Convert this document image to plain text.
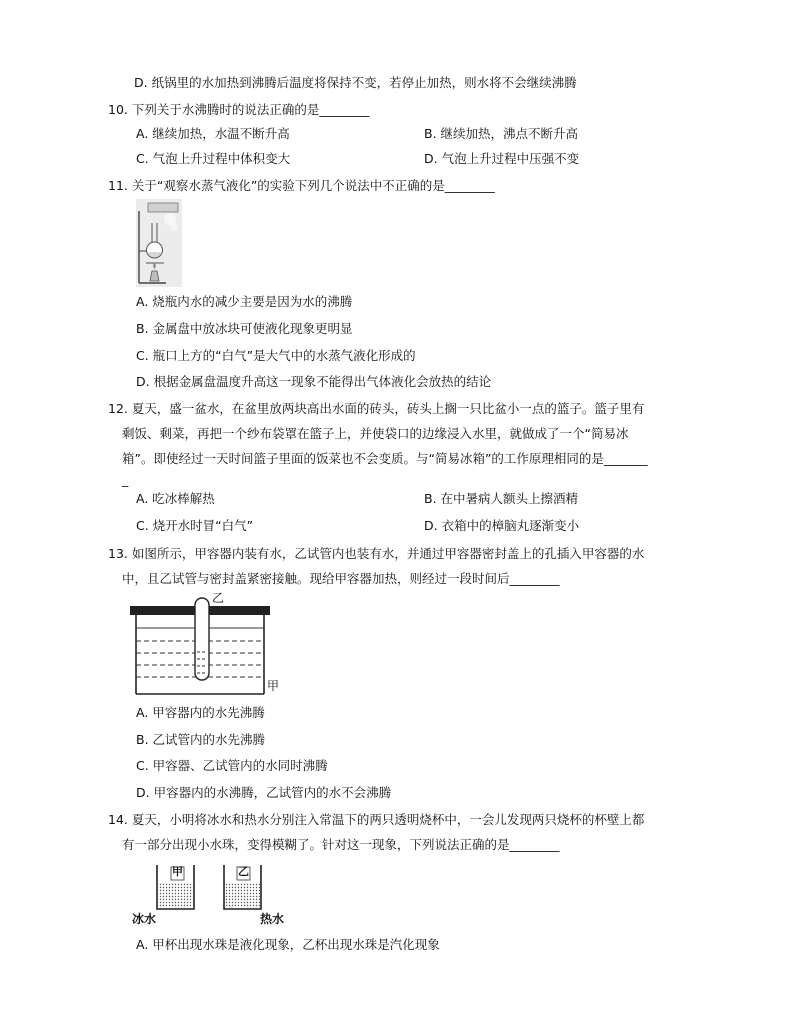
D. 纸锅里的水加热到沸腾后温度将保持不变，若停止加热，则水将不会继续沸腾
10. 下列关于水沸腾时的说法正确的是________
A. 继续加热，水温不断升高	B. 继续加热，沸点不断升高
C. 气泡上升过程中体积变大	D. 气泡上升过程中压强不变
11. 关于“观察水蒸气液化”的实验下列几个说法中不正确的是________
A. 烧瓶内水的减少主要是因为水的沸腾
B. 金属盘中放冰块可使液化现象更明显
C. 瓶口上方的“白气”是大气中的水蒸气液化形成的
D. 根据金属盘温度升高这一现象不能得出气体液化会放热的结论
12. 夏天，盛一盆水，在盆里放两块高出水面的砖头，砖头上搁一只比盆小一点的篮子。篮子里有
剩饭、剩菜，再把一个纱布袋罩在篮子上，并使袋口的边缘浸入水里，就做成了一个“简易冰
箱”。即使经过一天时间篮子里面的饭菜也不会变质。与“简易冰箱”的工作原理相同的是_______
_
A. 吃冰棒解热	B. 在中暑病人额头上擦酒精
C. 烧开水时冒“白气”	D. 衣箱中的樟脑丸逐渐变小
13. 如图所示，甲容器内装有水，乙试管内也装有水，并通过甲容器密封盖上的孔插入甲容器的水
中，且乙试管与密封盖紧密接触。现给甲容器加热，则经过一段时间后________
乙
甲
A. 甲容器内的水先沸腾
B. 乙试管内的水先沸腾
C. 甲容器、乙试管内的水同时沸腾
D. 甲容器内的水沸腾，乙试管内的水不会沸腾
14. 夏天，小明将冰水和热水分别注入常温下的两只透明烧杯中，一会儿发现两只烧杯的杯壁上都
有一部分出现小水珠，变得模糊了。针对这一现象，下列说法正确的是________
甲	乙
冰水	热水
A. 甲杯出现水珠是液化现象，乙杯出现水珠是汽化现象
